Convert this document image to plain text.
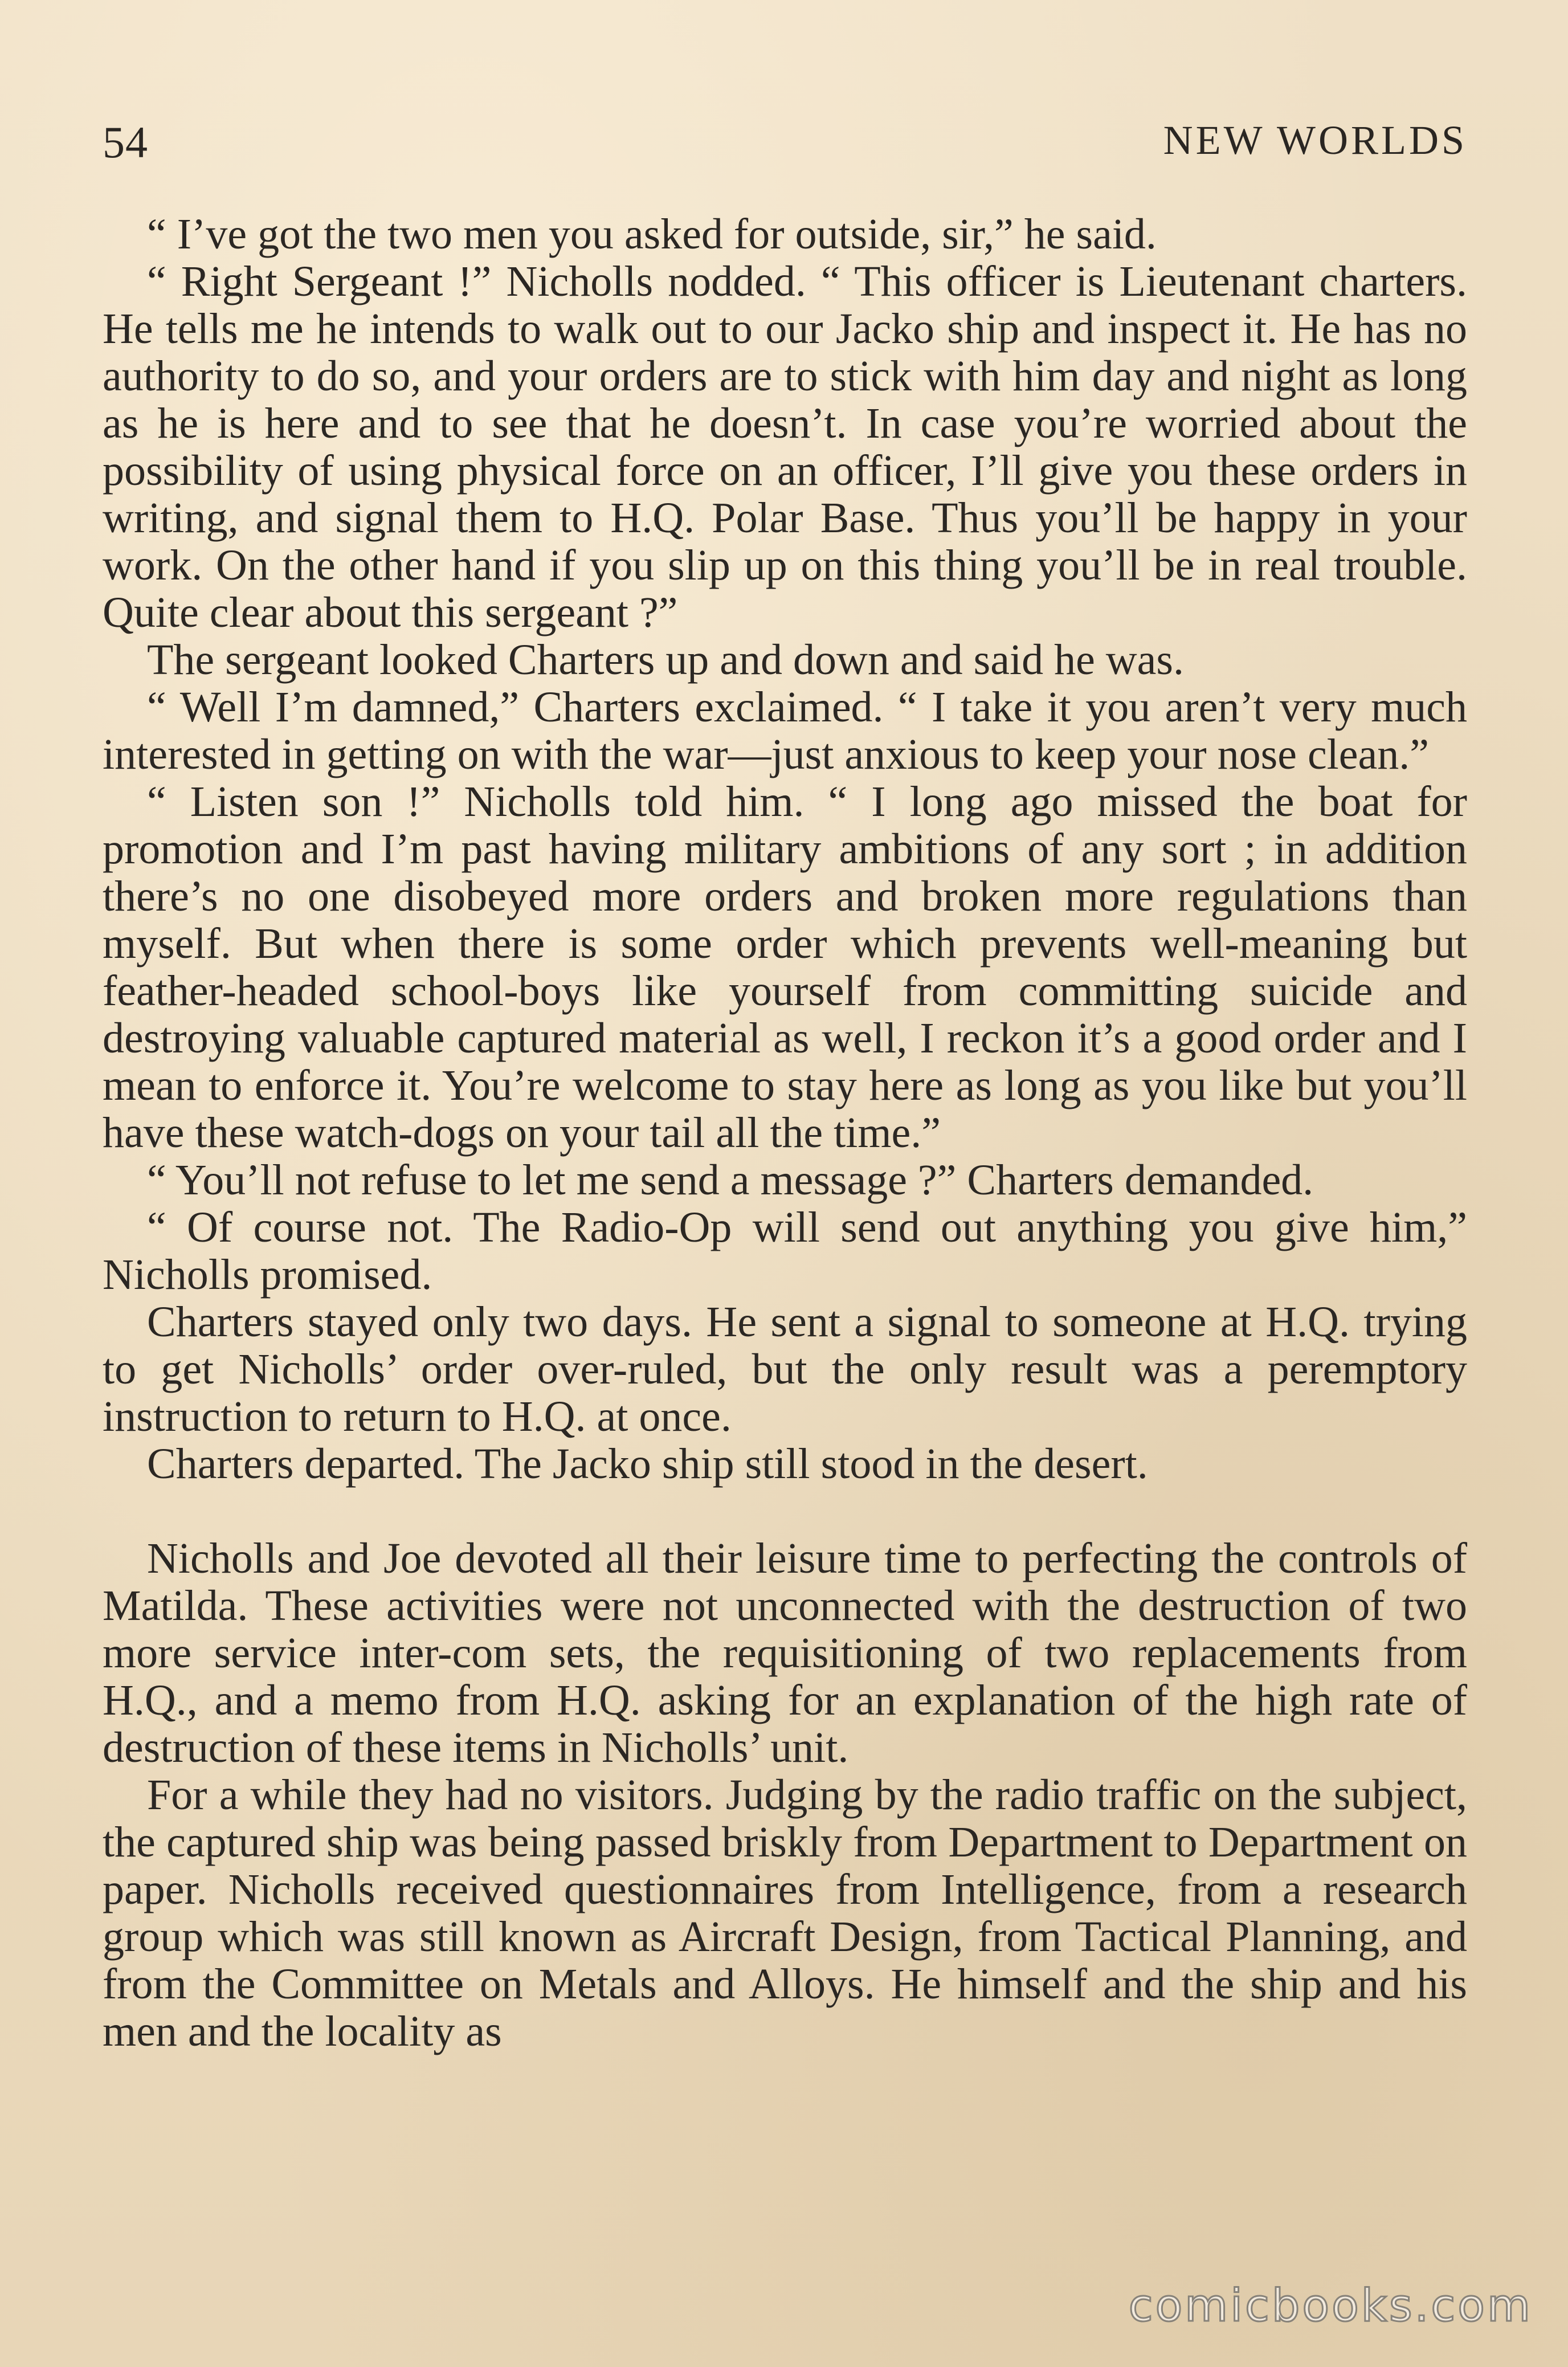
54	NEW WORLDS

“ I’ve got the two men you asked for outside, sir,” he said.

“ Right Sergeant !” Nicholls nodded. “ This officer is Lieutenant charters. He tells me he intends to walk out to our Jacko ship and inspect it. He has no authority to do so, and your orders are to stick with him day and night as long as he is here and to see that he doesn’t. In case you’re worried about the possibility of using physical force on an officer, I’ll give you these orders in writing, and signal them to H.Q. Polar Base. Thus you’ll be happy in your work. On the other hand if you slip up on this thing you’ll be in real trouble. Quite clear about this sergeant ?”

The sergeant looked Charters up and down and said he was.

“ Well I’m damned,” Charters exclaimed. “ I take it you aren’t very much interested in getting on with the war—just anxious to keep your nose clean.”

“ Listen son !” Nicholls told him. “ I long ago missed the boat for promotion and I’m past having military ambitions of any sort ; in addition there’s no one disobeyed more orders and broken more regulations than myself. But when there is some order which prevents well-meaning but feather-headed school-boys like yourself from committing suicide and destroying valuable captured material as well, I reckon it’s a good order and I mean to enforce it. You’re welcome to stay here as long as you like but you’ll have these watch-dogs on your tail all the time.”

“ You’ll not refuse to let me send a message ?” Charters demanded.

“ Of course not. The Radio-Op will send out anything you give him,” Nicholls promised.

Charters stayed only two days. He sent a signal to someone at H.Q. trying to get Nicholls’ order over-ruled, but the only result was a peremptory instruction to return to H.Q. at once.

Charters departed. The Jacko ship still stood in the desert.

Nicholls and Joe devoted all their leisure time to perfecting the controls of Matilda. These activities were not unconnected with the destruction of two more service inter-com sets, the requisitioning of two replacements from H.Q., and a memo from H.Q. asking for an explanation of the high rate of destruction of these items in Nicholls’ unit.

For a while they had no visitors. Judging by the radio traffic on the subject, the captured ship was being passed briskly from Department to Department on paper. Nicholls received questionnaires from Intelligence, from a research group which was still known as Aircraft Design, from Tactical Planning, and from the Committee on Metals and Alloys. He himself and the ship and his men and the locality as

comicbooks.com
